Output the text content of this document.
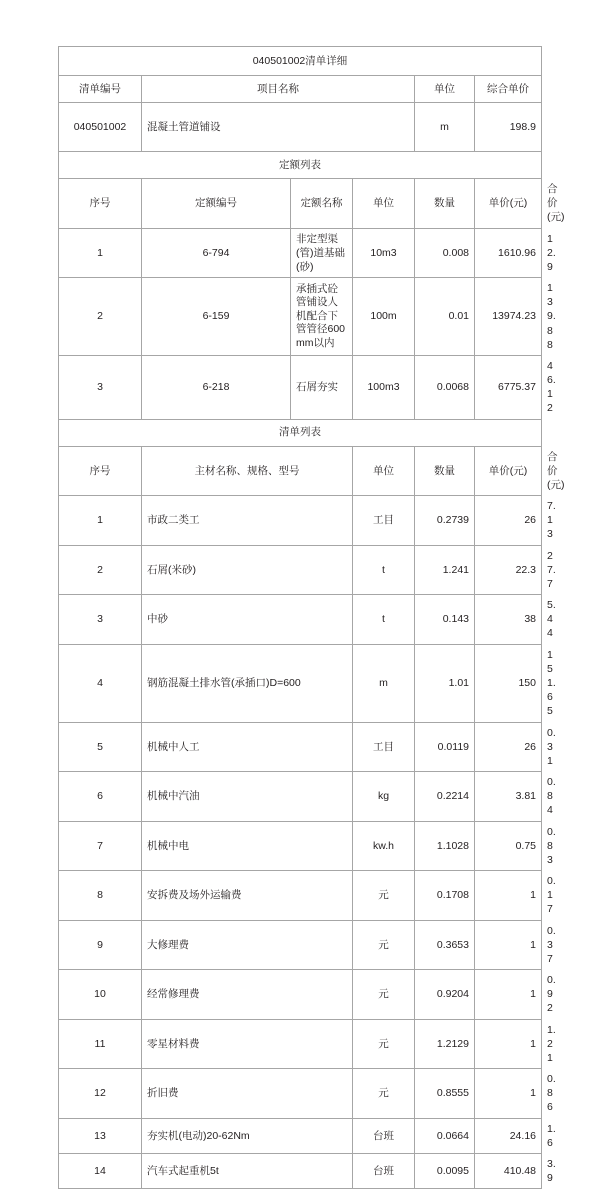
040501002清单详细						
清单编号	项目名称			单位	综合单价	
040501002	混凝土管道铺设			m	198.9	
定额列表						
序号	定额编号	定额名称	单位	数量	单价(元)	合价(元)
1	6-794	非定型渠(管)道基础(砂)	10m3	0.008	1610.96	12.9
2	6-159	承插式砼管铺设人机配合下管管径600mm以内	100m	0.01	13974.23	139.88
3	6-218	石屑夯实	100m3	0.0068	6775.37	46.12
清单列表						
序号	主材名称、规格、型号		单位	数量	单价(元)	合价(元)
1	市政二类工		工目	0.2739	26	7.13
2	石屑(米砂)		t	1.241	22.3	27.7
3	中砂		t	0.143	38	5.44
4	钢筋混凝土排水管(承插口)D=600		m	1.01	150	151.65
5	机械中人工		工目	0.0119	26	0.31
6	机械中汽油		kg	0.2214	3.81	0.84
7	机械中电		kw.h	1.1028	0.75	0.83
8	安拆费及场外运输费		元	0.1708	1	0.17
9	大修理费		元	0.3653	1	0.37
10	经常修理费		元	0.9204	1	0.92
11	零星材料费		元	1.2129	1	1.21
12	折旧费		元	0.8555	1	0.86
13	夯实机(电动)20-62Nm		台班	0.0664	24.16	1.6
14	汽车式起重机5t		台班	0.0095	410.48	3.9
